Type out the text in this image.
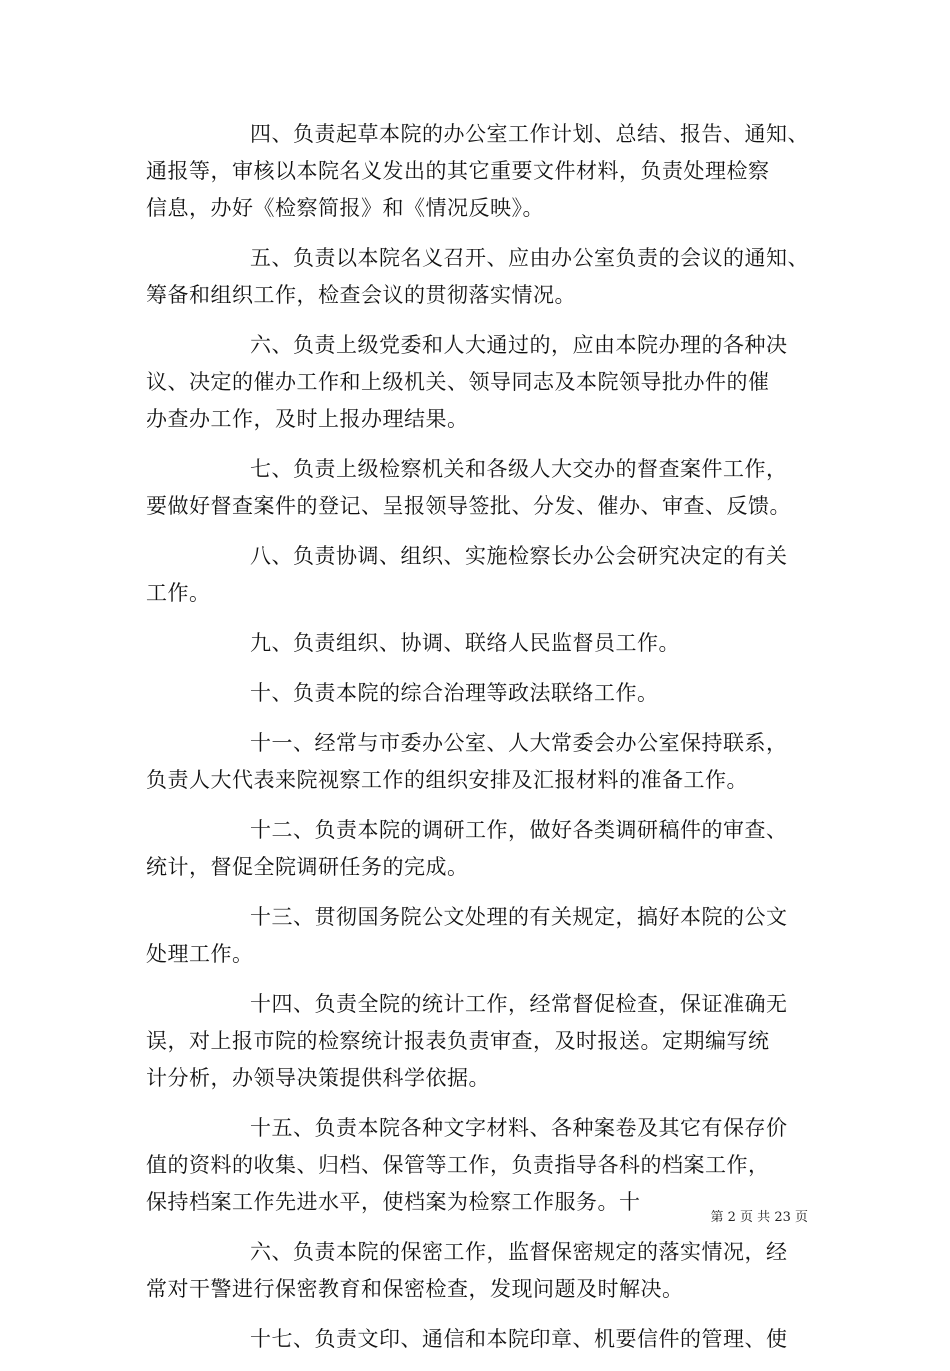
四、负责起草本院的办公室工作计划、总结、报告、通知、
通报等，审核以本院名义发出的其它重要文件材料，负责处理检察
信息，办好《检察简报》和《情况反映》。

五、负责以本院名义召开、应由办公室负责的会议的通知、
筹备和组织工作，检查会议的贯彻落实情况。

六、负责上级党委和人大通过的，应由本院办理的各种决
议、决定的催办工作和上级机关、领导同志及本院领导批办件的催
办查办工作，及时上报办理结果。

七、负责上级检察机关和各级人大交办的督查案件工作，
要做好督查案件的登记、呈报领导签批、分发、催办、审查、反馈。

八、负责协调、组织、实施检察长办公会研究决定的有关
工作。

九、负责组织、协调、联络人民监督员工作。

十、负责本院的综合治理等政法联络工作。

十一、经常与市委办公室、人大常委会办公室保持联系，
负责人大代表来院视察工作的组织安排及汇报材料的准备工作。

十二、负责本院的调研工作，做好各类调研稿件的审查、
统计，督促全院调研任务的完成。

十三、贯彻国务院公文处理的有关规定，搞好本院的公文
处理工作。

十四、负责全院的统计工作，经常督促检查，保证准确无
误，对上报市院的检察统计报表负责审查，及时报送。定期编写统
计分析，办领导决策提供科学依据。

十五、负责本院各种文字材料、各种案卷及其它有保存价
值的资料的收集、归档、保管等工作，负责指导各科的档案工作，
保持档案工作先进水平，使档案为检察工作服务。十

六、负责本院的保密工作，监督保密规定的落实情况，经
常对干警进行保密教育和保密检查，发现问题及时解决。

十七、负责文印、通信和本院印章、机要信件的管理、使

第 2 页 共 23 页
